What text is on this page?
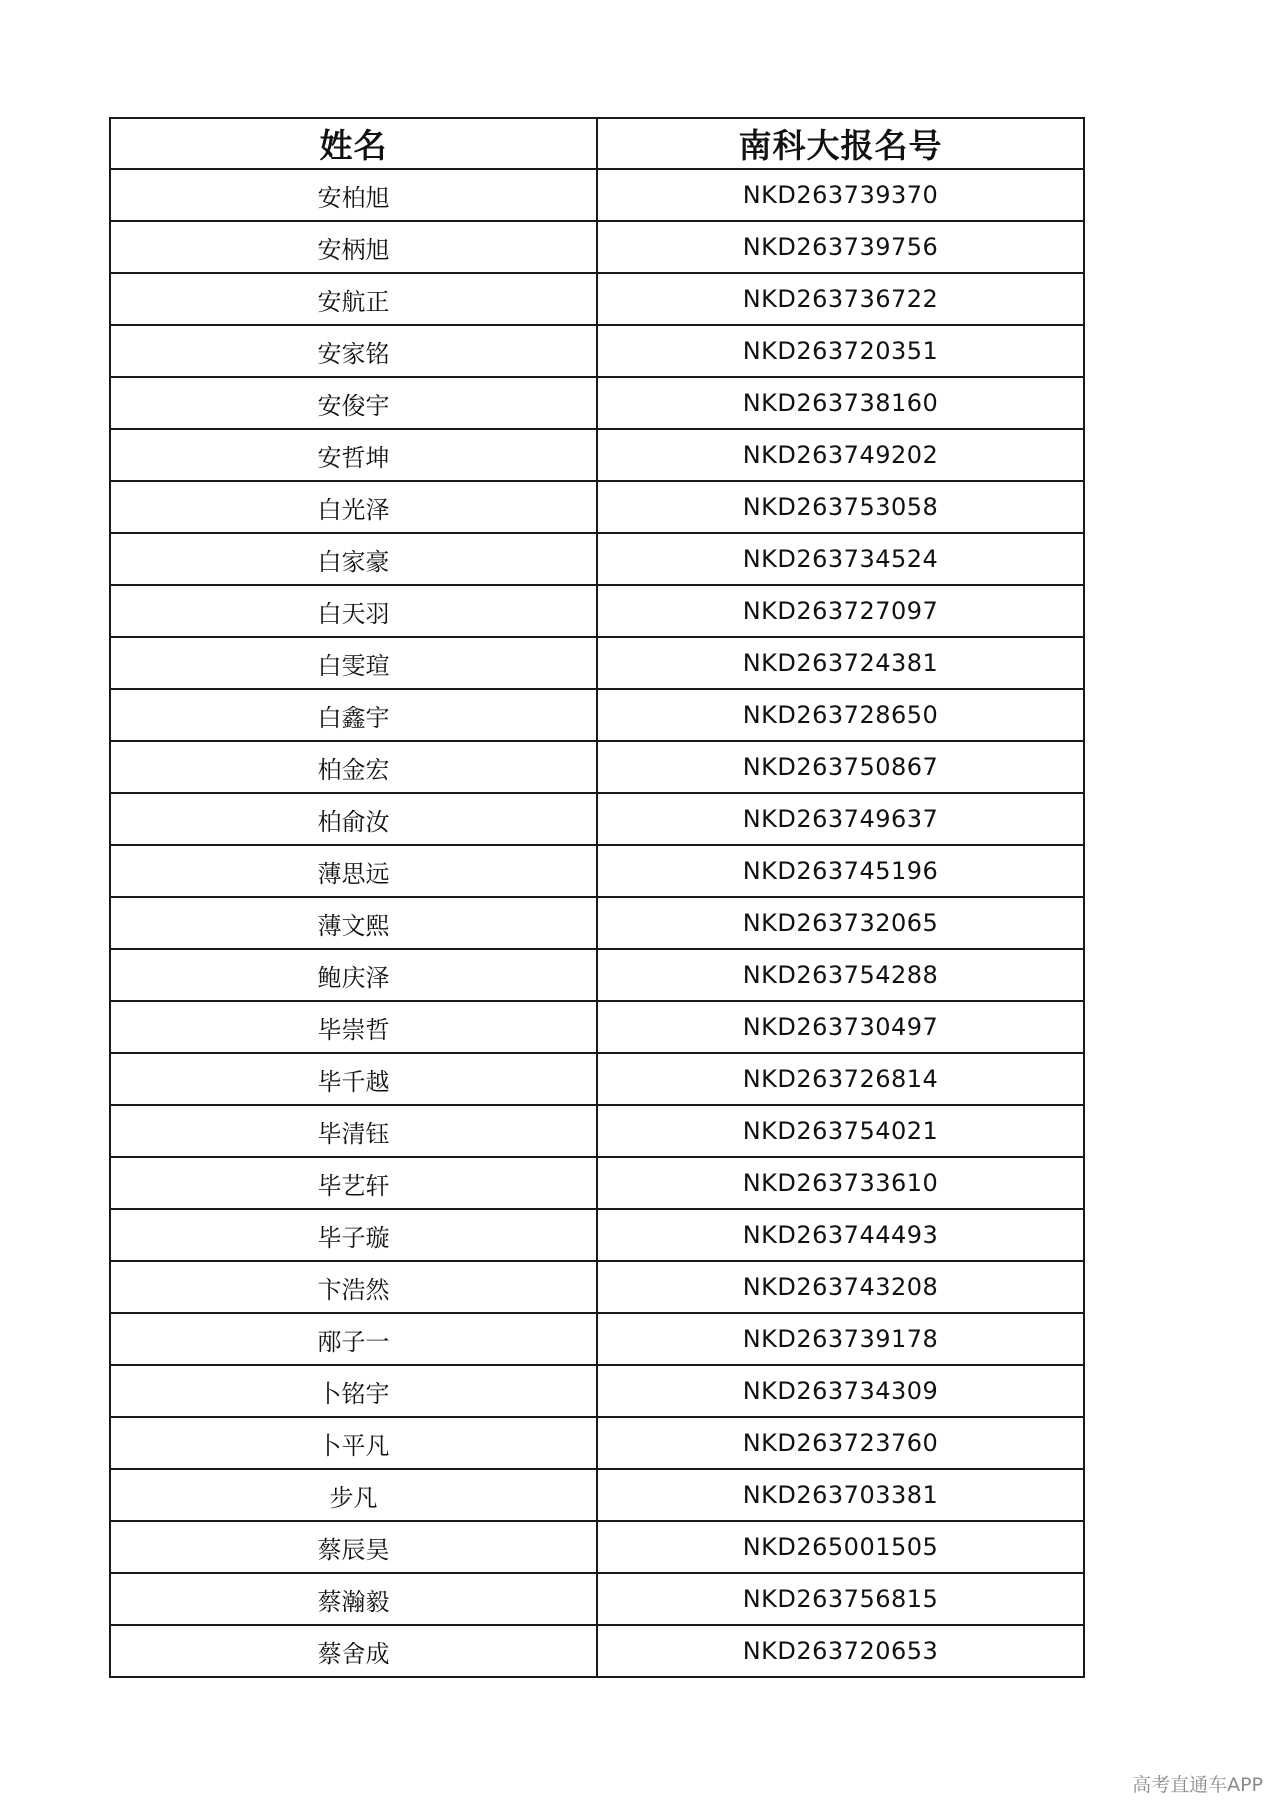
姓名	南科大报名号
安柏旭	NKD263739370
安柄旭	NKD263739756
安航正	NKD263736722
安家铭	NKD263720351
安俊宇	NKD263738160
安哲坤	NKD263749202
白光泽	NKD263753058
白家豪	NKD263734524
白天羽	NKD263727097
白雯瑄	NKD263724381
白鑫宇	NKD263728650
柏金宏	NKD263750867
柏俞汝	NKD263749637
薄思远	NKD263745196
薄文熙	NKD263732065
鲍庆泽	NKD263754288
毕崇哲	NKD263730497
毕千越	NKD263726814
毕清钰	NKD263754021
毕艺轩	NKD263733610
毕子璇	NKD263744493
卞浩然	NKD263743208
邴子一	NKD263739178
卜铭宇	NKD263734309
卜平凡	NKD263723760
步凡	NKD263703381
蔡辰昊	NKD265001505
蔡瀚毅	NKD263756815
蔡舍成	NKD263720653
高考直通车APP
